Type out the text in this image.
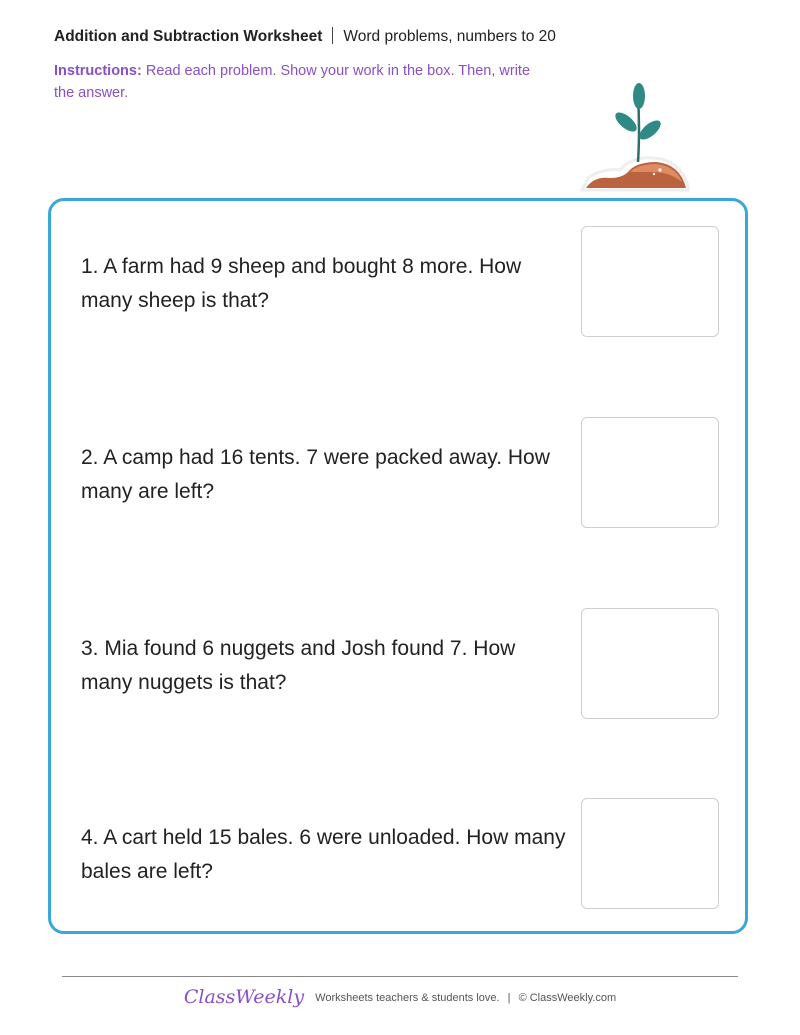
Addition and Subtraction Worksheet Word problems, numbers to 20
Instructions: Read each problem. Show your work in the box. Then, write the answer.
1. A farm had 9 sheep and bought 8 more. How many sheep is that?
2. A camp had 16 tents. 7 were packed away. How many are left?
3. Mia found 6 nuggets and Josh found 7. How many nuggets is that?
4. A cart held 15 bales. 6 were unloaded. How many bales are left?
ClassWeekly Worksheets teachers & students love. | © ClassWeekly.com
